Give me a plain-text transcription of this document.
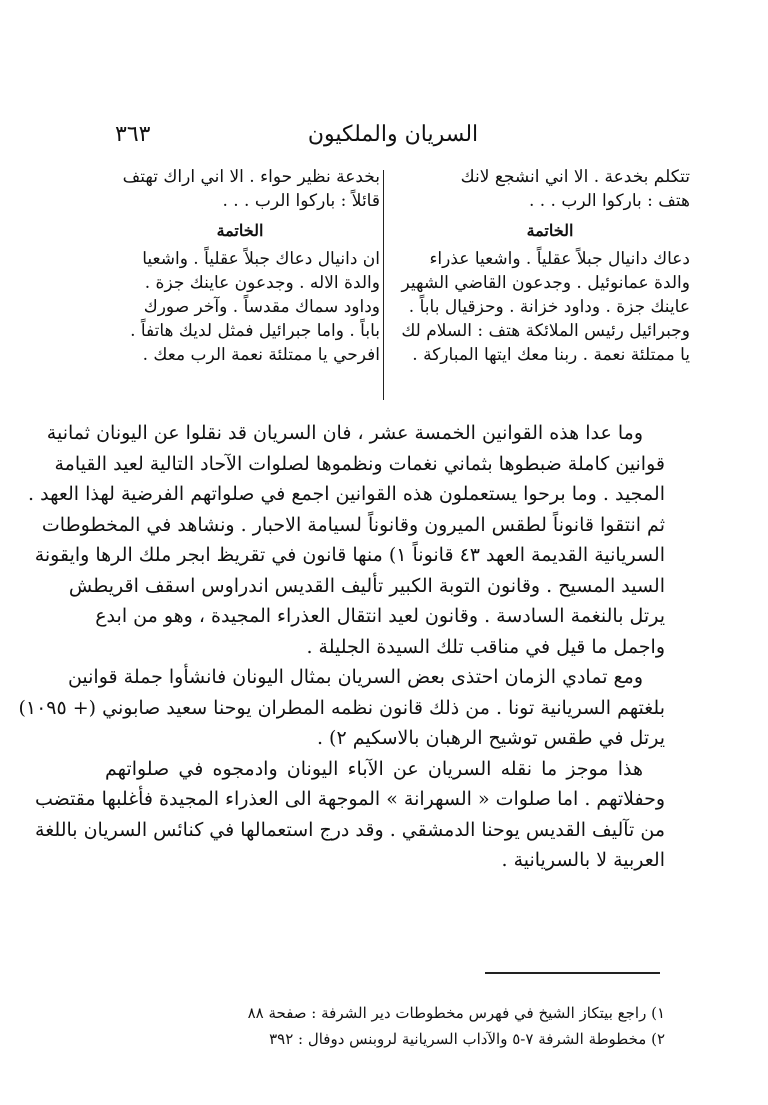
السريان والملكيون
٣٦٣
تتكلم بخدعة . الا اني انشجع لانك
هتف : باركوا الرب . . .
الخاتمة
دعاك دانيال جبلاً عقلياً . واشعيا عذراء
والدة عمانوئيل . وجدعون القاضي الشهير
عاينك جزة . وداود خزانة . وحزقيال باباً .
وجبرائيل رئيس الملائكة هتف : السلام لك
يا ممتلئة نعمة . ربنا معك ايتها المباركة .
بخدعة نظير حواء . الا اني اراك تهتف
قائلاً : باركوا الرب . . .
الخاتمة
ان دانيال دعاك جبلاً عقلياً . واشعيا
والدة الاله . وجدعون عاينك جزة .
وداود سماك مقدساً . وآخر صورك
باباً . واما جبرائيل فمثل لديك هاتفاً .
افرحي يا ممتلئة نعمة الرب معك .
وما عدا هذه القوانين الخمسة عشر ، فان السريان قد نقلوا عن اليونان ثمانية
قوانين كاملة ضبطوها بثماني نغمات ونظموها لصلوات الآحاد التالية لعيد القيامة
المجيد . وما برحوا يستعملون هذه القوانين اجمع في صلواتهم الفرضية لهذا العهد .
ثم انتقوا قانوناً لطقس الميرون وقانوناً لسيامة الاحبار . ونشاهد في المخطوطات
السريانية القديمة العهد ٤٣ قانوناً ١) منها قانون في تقريظ ابجر ملك الرها وايقونة
السيد المسيح . وقانون التوبة الكبير تأليف القديس اندراوس اسقف اقريطش
يرتل بالنغمة السادسة . وقانون لعيد انتقال العذراء المجيدة ، وهو من ابدع
واجمل ما قيل في مناقب تلك السيدة الجليلة .
ومع تمادي الزمان احتذى بعض السريان بمثال اليونان فانشأوا جملة قوانين
بلغتهم السريانية تونا . من ذلك قانون نظمه المطران يوحنا سعيد صابوني (+ ١٠٩٥)
يرتل في طقس توشيح الرهبان بالاسكيم ٢) .
هذا موجز ما نقله السريان عن الآباء اليونان وادمجوه في صلواتهم
وحفلاتهم . اما صلوات « السهرانة » الموجهة الى العذراء المجيدة فأغلبها مقتضب
من تآليف القديس يوحنا الدمشقي . وقد درج استعمالها في كنائس السريان باللغة
العربية لا بالسريانية .
١) راجع بيتكاز الشيخ في فهرس مخطوطات دير الشرفة : صفحة ٨٨
٢) مخطوطة الشرفة ٧-٥ والآداب السريانية لروبنس دوفال : ٣٩٢
